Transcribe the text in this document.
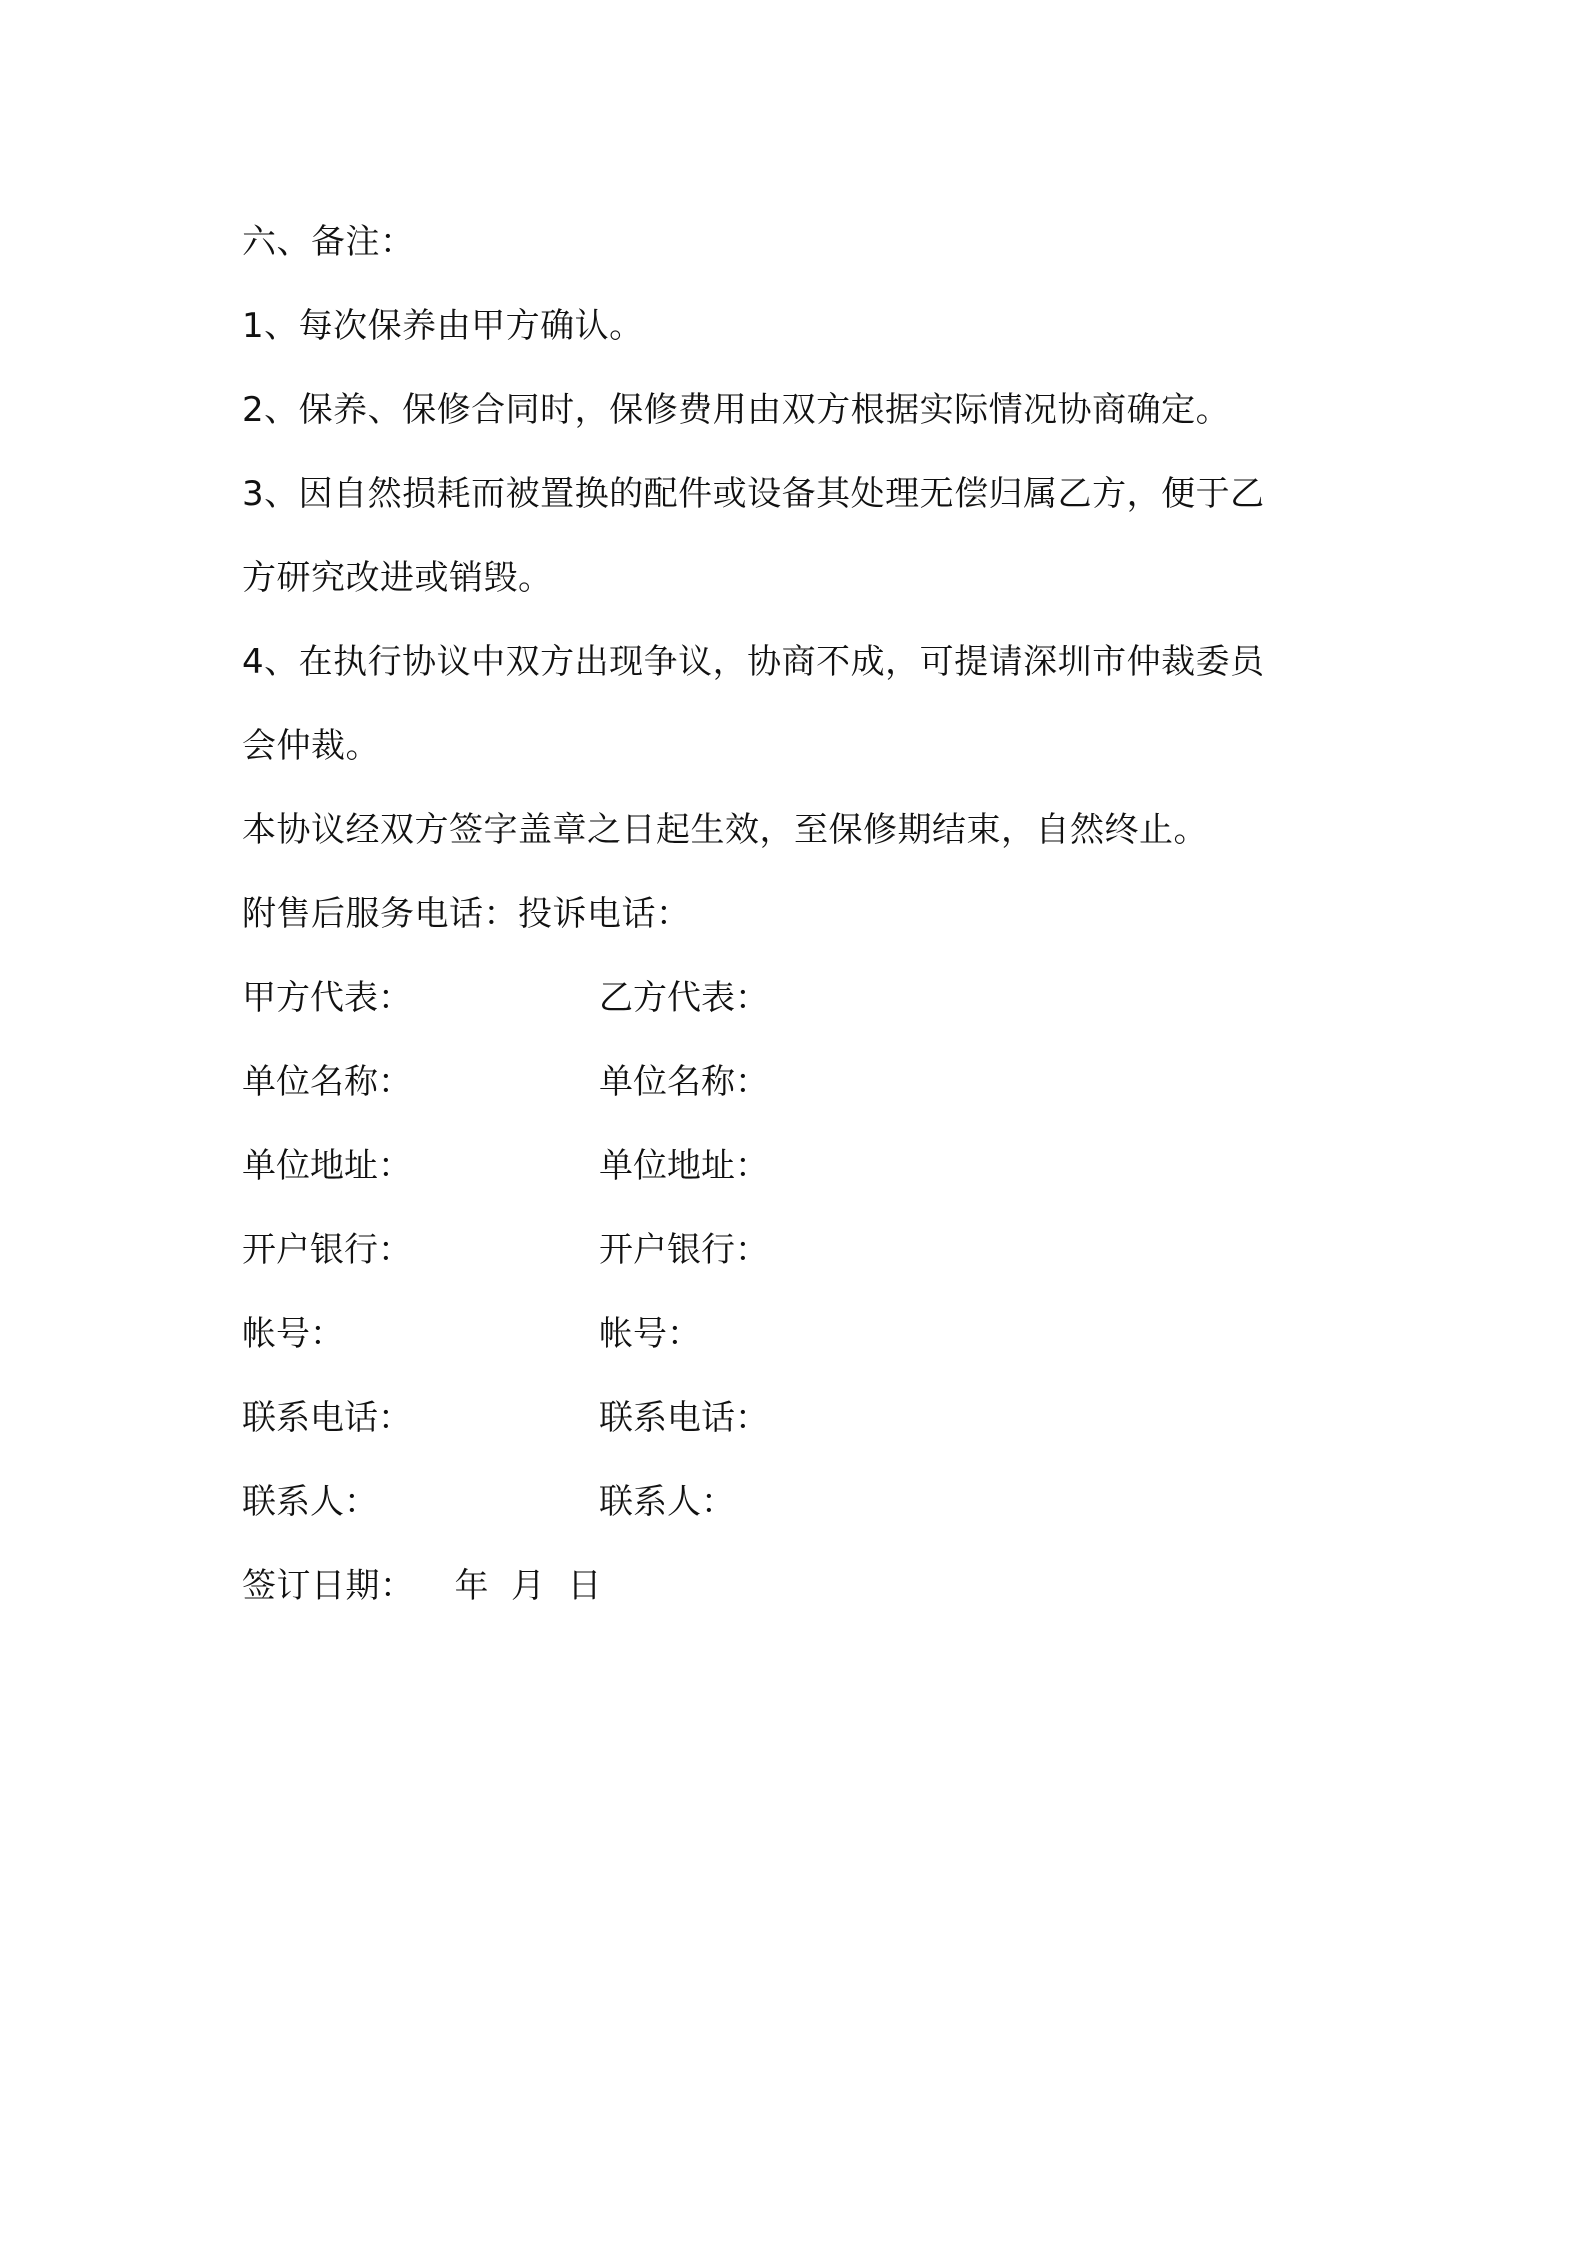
六、备注：
1、每次保养由甲方确认。
2、保养、保修合同时，保修费用由双方根据实际情况协商确定。
3、因自然损耗而被置换的配件或设备其处理无偿归属乙方，便于乙
方研究改进或销毁。
4、在执行协议中双方出现争议，协商不成，可提请深圳市仲裁委员
会仲裁。
本协议经双方签字盖章之日起生效，至保修期结束，自然终止。
附售后服务电话：投诉电话：
甲方代表：	乙方代表：
单位名称：	单位名称：
单位地址：	单位地址：
开户银行：	开户银行：
帐号：	帐号：
联系电话：	联系电话：
联系人：	联系人：
签订日期： 年 月 日
